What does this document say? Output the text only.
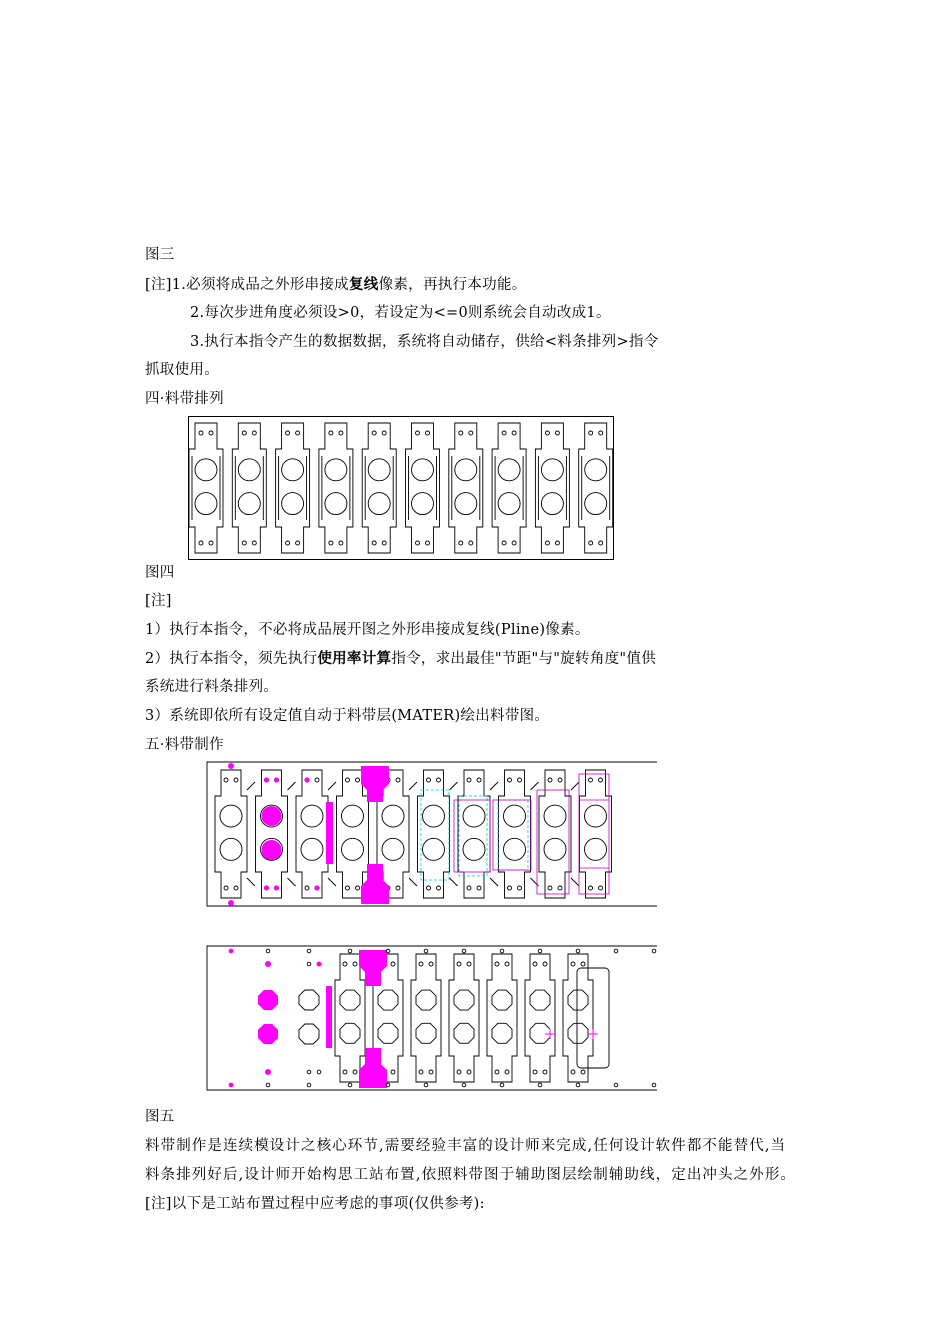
图三
[注]1.必须将成品之外形串接成复线像素，再执行本功能。
2.每次步进角度必须设>0，若设定为<=0则系统会自动改成1。
3.执行本指令产生的数据数据，系统将自动储存，供给<料条排列>指令
抓取使用。
四·料带排列
图四
[注]
1）执行本指令，不必将成品展开图之外形串接成复线(Pline)像素。
2）执行本指令，须先执行使用率计算指令，求出最佳"节距"与"旋转角度"值供
系统进行料条排列。
3）系统即依所有设定值自动于料带层(MATER)绘出料带图。
五·料带制作
图五
料带制作是连续模设计之核心环节,需要经验丰富的设计师来完成,任何设计软件都不能替代,当
料条排列好后,设计师开始构思工站布置,依照料带图于辅助图层绘制辅助线，定出冲头之外形。
[注]以下是工站布置过程中应考虑的事项(仅供参考):
